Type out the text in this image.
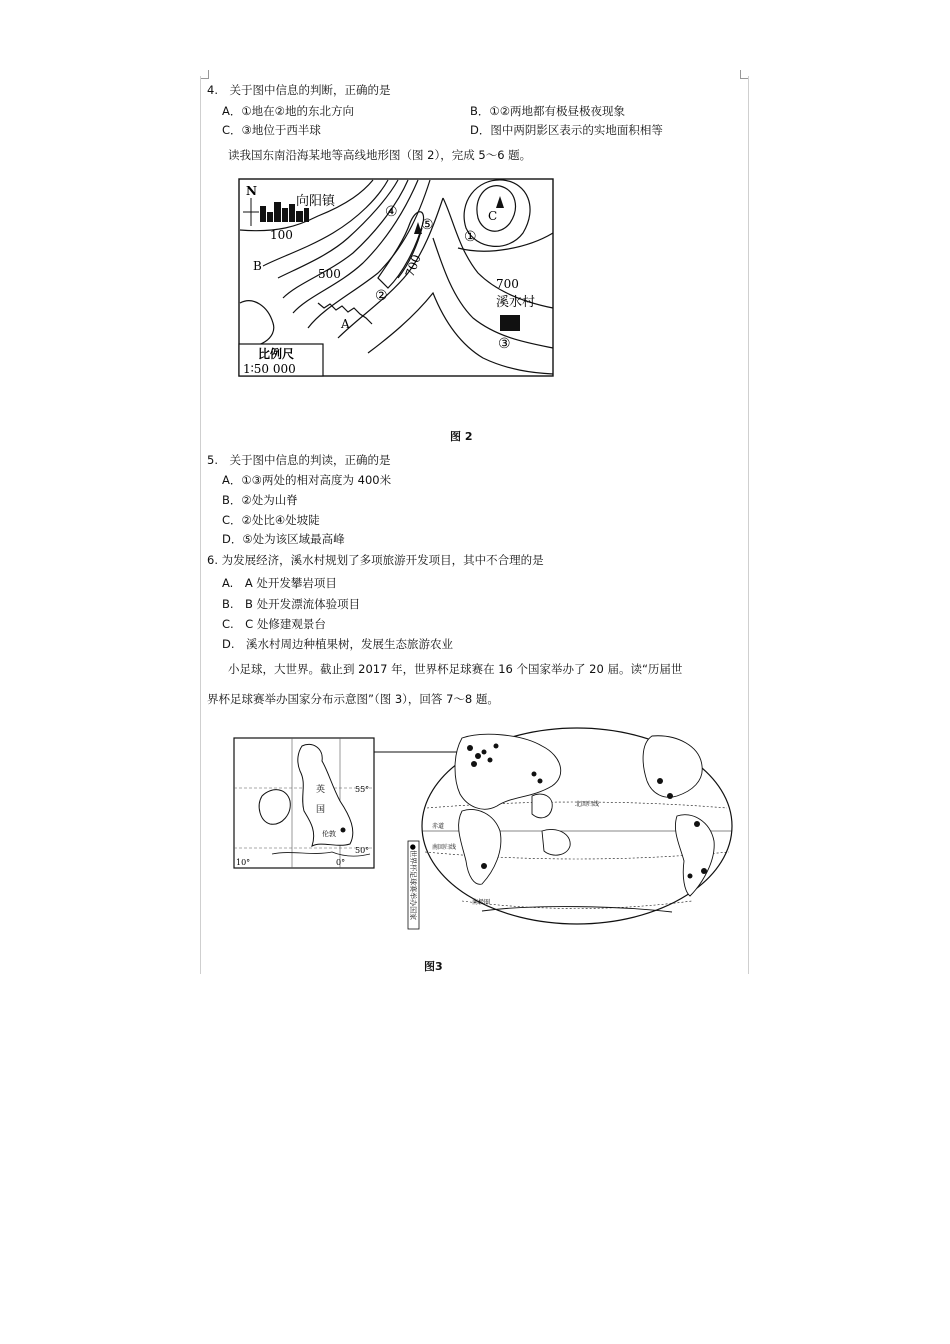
4.　关于图中信息的判断，正确的是
A．①地在②地的东北方向	B．①②两地都有极昼极夜现象
C．③地位于西半球	D．图中两阴影区表示的实地面积相等
读我国东南沿海某地等高线地形图（图 2），完成 5～6 题。
N
向阳镇
100
500	700
700
溪水村
A
B
C
①
②
③
④
⑤
比例尺
1∶50 000
图 2
5.　关于图中信息的判读，正确的是
A．①③两处的相对高度为 400米
B．②处为山脊
C．②处比④处坡陡
D．⑤处为该区域最高峰
6. 为发展经济，溪水村规划了多项旅游开发项目，其中不合理的是
A.　A 处开发攀岩项目
B.　B 处开发漂流体验项目
C.　C 处修建观景台
D.　溪水村周边种植果树，发展生态旅游农业
小足球，大世界。截止到 2017 年，世界杯足球赛在 16 个国家举办了 20 届。读“历届世
界杯足球赛举办国家分布示意图”（图 3），回答 7～8 题。
55°
50°
10°	0°
英
国
伦敦
●世界杯足球赛举办国家
赤道
北回归线
南回归线
南极圈
图3
